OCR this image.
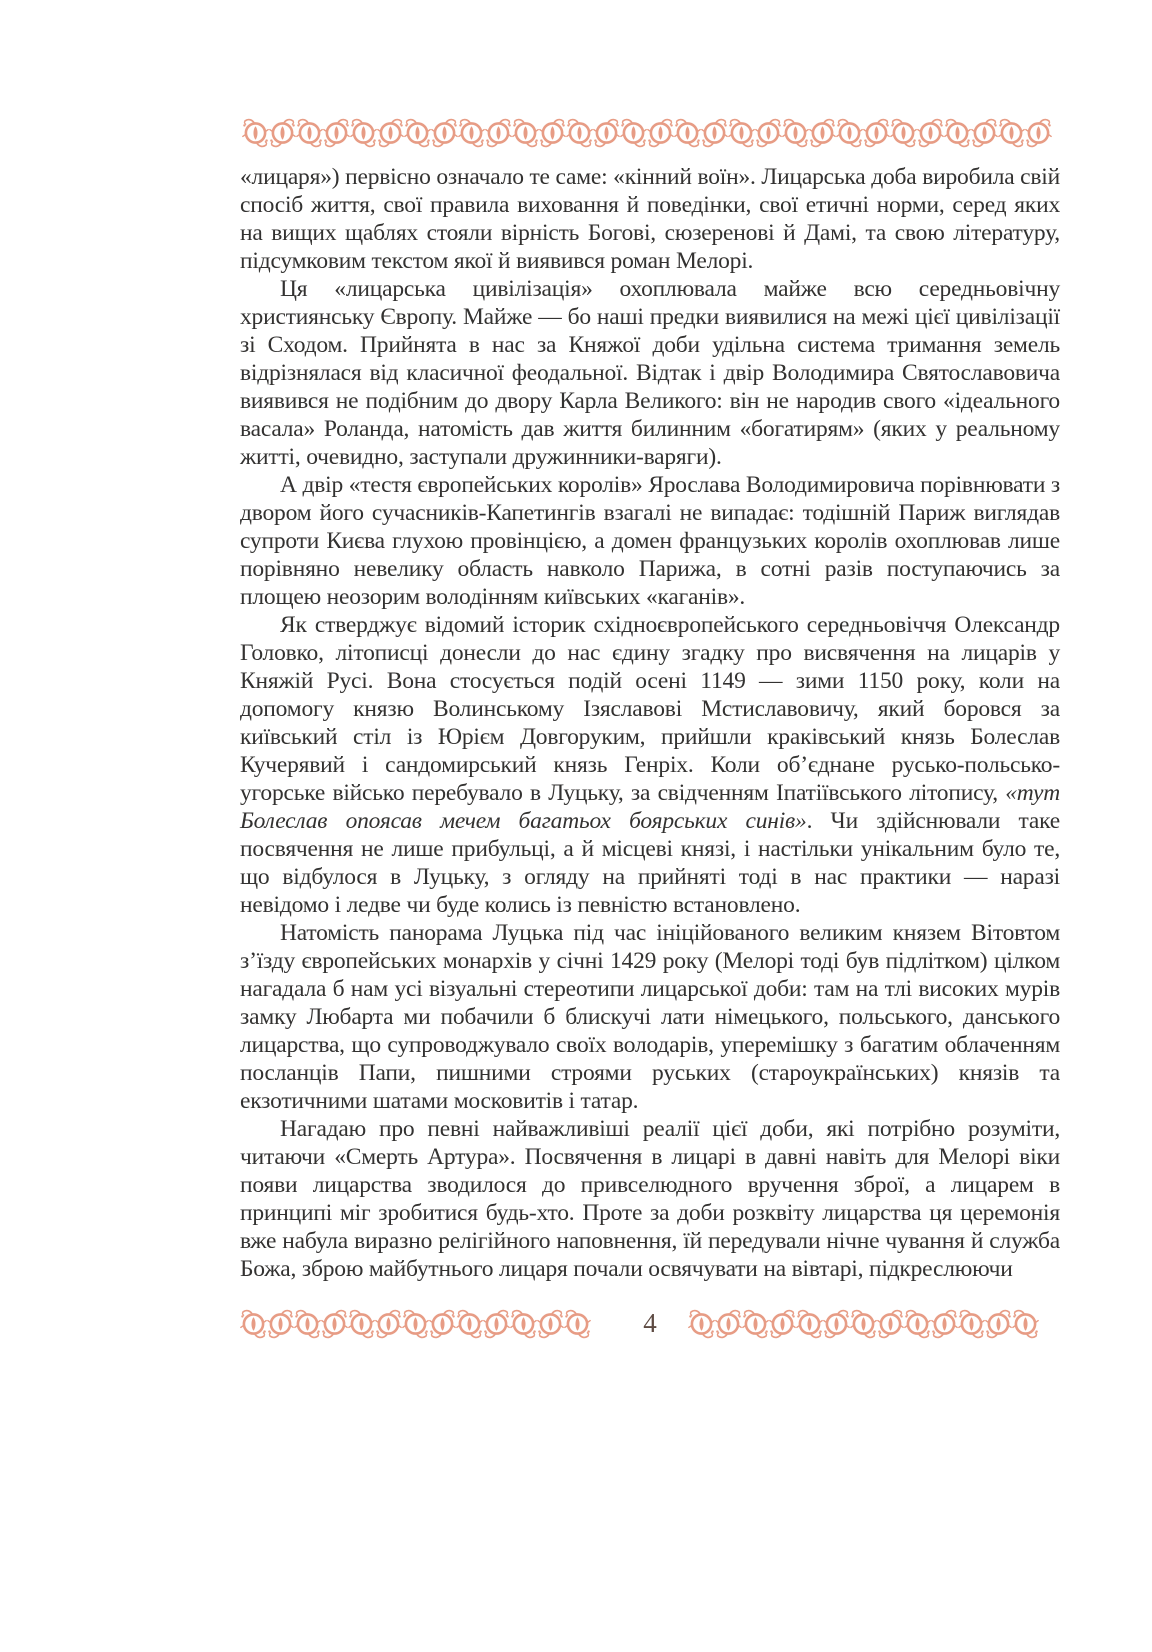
«лицаря») первісно означало те саме: «кінний воїн». Лицарська доба виробила свій спосіб життя, свої правила виховання й поведінки, свої етичні норми, серед яких на вищих щаблях стояли вірність Богові, сюзеренові й Дамі, та свою літературу, підсумковим текстом якої й виявився роман Мелорі.

Ця «лицарська цивілізація» охоплювала майже всю середньовічну християнську Європу. Майже — бо наші предки виявилися на межі цієї цивілізації зі Сходом. Прийнята в нас за Княжої доби удільна система тримання земель відрізнялася від класичної феодальної. Відтак і двір Володимира Святославовича виявився не подібним до двору Карла Великого: він не народив свого «ідеального васала» Роланда, натомість дав життя билинним «богатирям» (яких у реальному житті, очевидно, заступали дружинники-варяги).

А двір «тестя європейських королів» Ярослава Володимировича порівнювати з двором його сучасників-Капетингів взагалі не випадає: тодішній Париж виглядав супроти Києва глухою провінцією, а домен французьких королів охоплював лише порівняно невелику область навколо Парижа, в сотні разів поступаючись за площею неозорим володінням київських «каганів».

Як стверджує відомий історик східноєвропейського середньовіччя Олександр Головко, літописці донесли до нас єдину згадку про висвячення на лицарів у Княжій Русі. Вона стосується подій осені 1149 — зими 1150 року, коли на допомогу князю Волинському Ізяславові Мстиславовичу, який боровся за київський стіл із Юрієм Довгоруким, прийшли краківський князь Болеслав Кучерявий і сандомирський князь Генріх. Коли об’єднане русько-польсько-угорське військо перебувало в Луцьку, за свідченням Іпатіївського літопису, «тут Болеслав опоясав мечем багатьох боярських синів». Чи здійснювали таке посвячення не лише прибульці, а й місцеві князі, і настільки унікальним було те, що відбулося в Луцьку, з огляду на прийняті тоді в нас практики — наразі невідомо і ледве чи буде колись із певністю встановлено.

Натомість панорама Луцька під час ініційованого великим князем Вітовтом з’їзду європейських монархів у січні 1429 року (Мелорі тоді був підлітком) цілком нагадала б нам усі візуальні стереотипи лицарської доби: там на тлі високих мурів замку Любарта ми побачили б блискучі лати німецького, польського, данського лицарства, що супроводжувало своїх володарів, уперемішку з багатим облаченням посланців Папи, пишними строями руських (староукраїнських) князів та екзотичними шатами московитів і татар.

Нагадаю про певні найважливіші реалії цієї доби, які потрібно розуміти, читаючи «Смерть Артура». Посвячення в лицарі в давні навіть для Мелорі віки появи лицарства зводилося до привселюдного вручення зброї, а лицарем в принципі міг зробитися будь-хто. Проте за доби розквіту лицарства ця церемонія вже набула виразно релігійного наповнення, їй передували нічне чування й служба Божа, зброю майбутнього лицаря почали освячувати на вівтарі, підкреслюючи

4
